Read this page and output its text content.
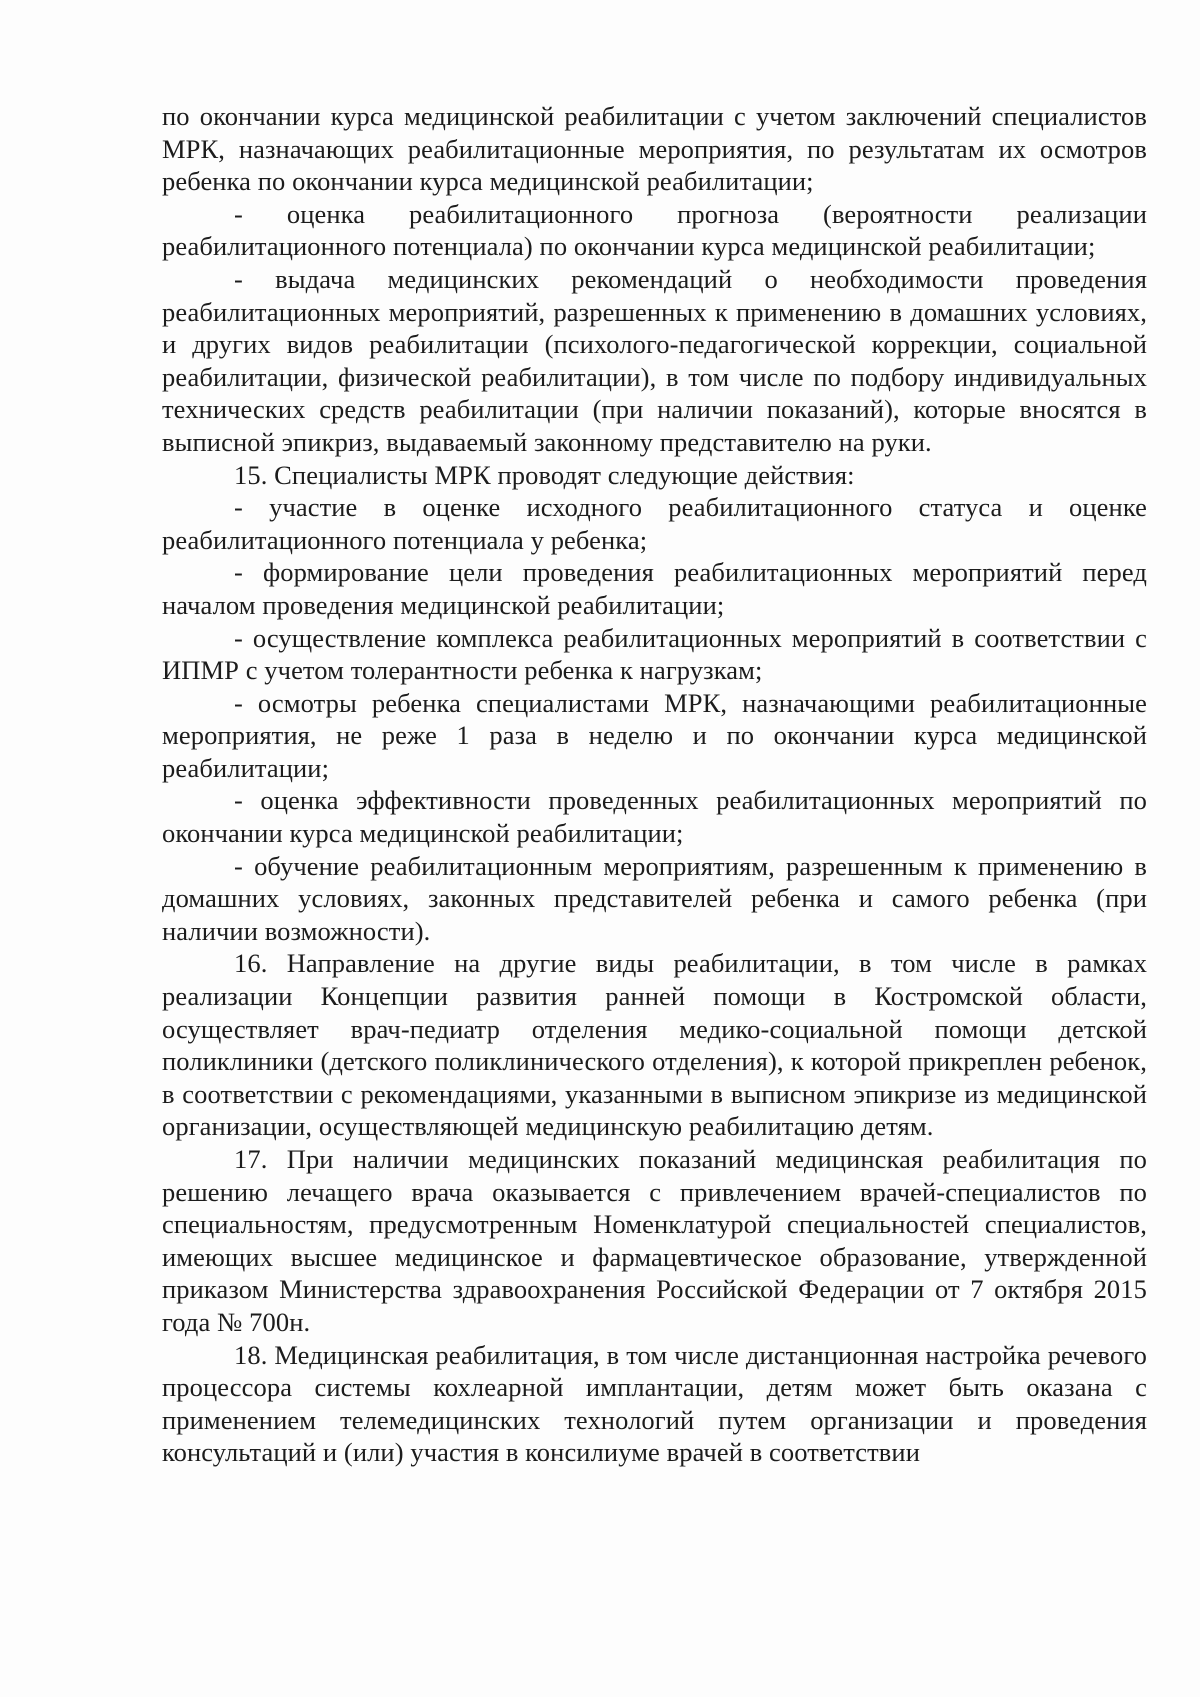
по окончании курса медицинской реабилитации с учетом заключений специалистов МРК, назначающих реабилитационные мероприятия, по результатам их осмотров ребенка по окончании курса медицинской реабилитации;

- оценка реабилитационного прогноза (вероятности реализации реабилитационного потенциала) по окончании курса медицинской реабилитации;

- выдача медицинских рекомендаций о необходимости проведения реабилитационных мероприятий, разрешенных к применению в домашних условиях, и других видов реабилитации (психолого-педагогической коррекции, социальной реабилитации, физической реабилитации), в том числе по подбору индивидуальных технических средств реабилитации (при наличии показаний), которые вносятся в выписной эпикриз, выдаваемый законному представителю на руки.

15. Специалисты МРК проводят следующие действия:

- участие в оценке исходного реабилитационного статуса и оценке реабилитационного потенциала у ребенка;

- формирование цели проведения реабилитационных мероприятий перед началом проведения медицинской реабилитации;

- осуществление комплекса реабилитационных мероприятий в соответствии с ИПМР с учетом толерантности ребенка к нагрузкам;

- осмотры ребенка специалистами МРК, назначающими реабилитационные мероприятия, не реже 1 раза в неделю и по окончании курса медицинской реабилитации;

- оценка эффективности проведенных реабилитационных мероприятий по окончании курса медицинской реабилитации;

- обучение реабилитационным мероприятиям, разрешенным к применению в домашних условиях, законных представителей ребенка и самого ребенка (при наличии возможности).

16. Направление на другие виды реабилитации, в том числе в рамках реализации Концепции развития ранней помощи в Костромской области, осуществляет врач-педиатр отделения медико-социальной помощи детской поликлиники (детского поликлинического отделения), к которой прикреплен ребенок, в соответствии с рекомендациями, указанными в выписном эпикризе из медицинской организации, осуществляющей медицинскую реабилитацию детям.

17. При наличии медицинских показаний медицинская реабилитация по решению лечащего врача оказывается с привлечением врачей-специалистов по специальностям, предусмотренным Номенклатурой специальностей специалистов, имеющих высшее медицинское и фармацевтическое образование, утвержденной приказом Министерства здравоохранения Российской Федерации от 7 октября 2015 года № 700н.

18. Медицинская реабилитация, в том числе дистанционная настройка речевого процессора системы кохлеарной имплантации, детям может быть оказана с применением телемедицинских технологий путем организации и проведения консультаций и (или) участия в консилиуме врачей в соответствии
